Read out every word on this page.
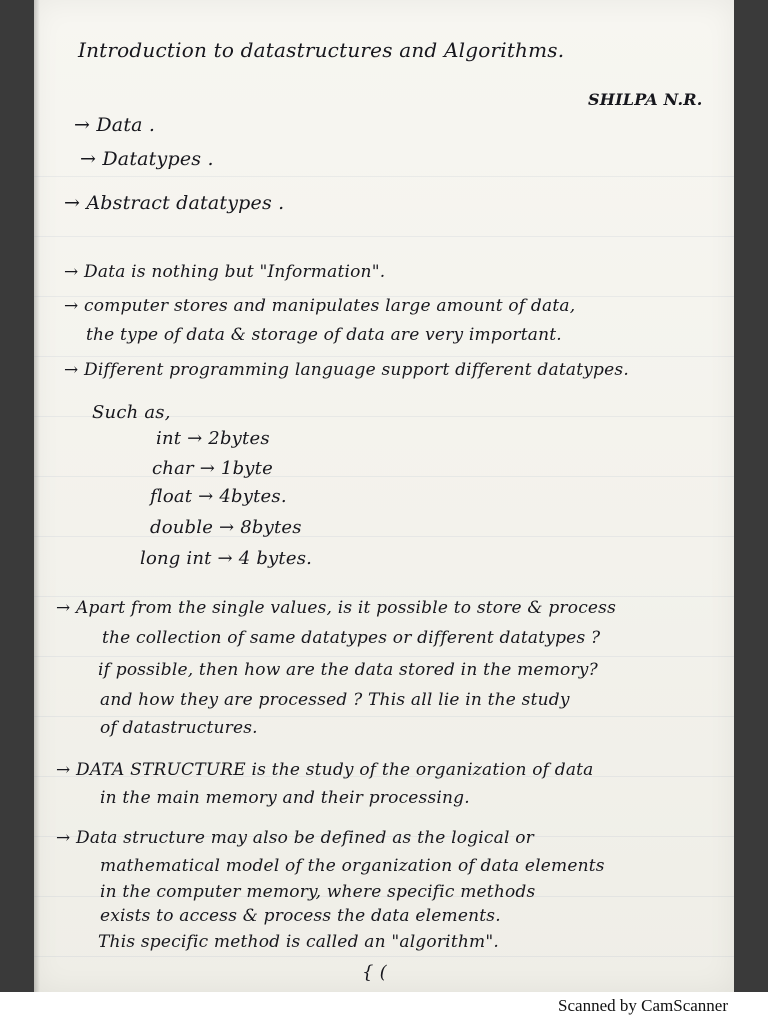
Introduction to datastructures and Algorithms.
SHILPA N.R.
→ Data .
→ Datatypes .
→ Abstract datatypes .
→ Data is nothing but "Information".
→ computer stores and manipulates large amount of data,
the type of data & storage of data are very important.
→ Different programming language support different datatypes.
Such as,
int → 2bytes
char → 1byte
float → 4bytes.
double → 8bytes
long int → 4 bytes.
→ Apart from the single values, is it possible to store & process
the collection of same datatypes or different datatypes ?
if possible, then how are the data stored in the memory?
and how they are processed ? This all lie in the study
of datastructures.
→ DATA STRUCTURE is the study of the organization of data
in the main memory and their processing.
→ Data structure may also be defined as the logical or
mathematical model of the organization of data elements
in the computer memory, where specific methods
exists to access & process the data elements.
This specific method is called an "algorithm".
{ (
Scanned by CamScanner
